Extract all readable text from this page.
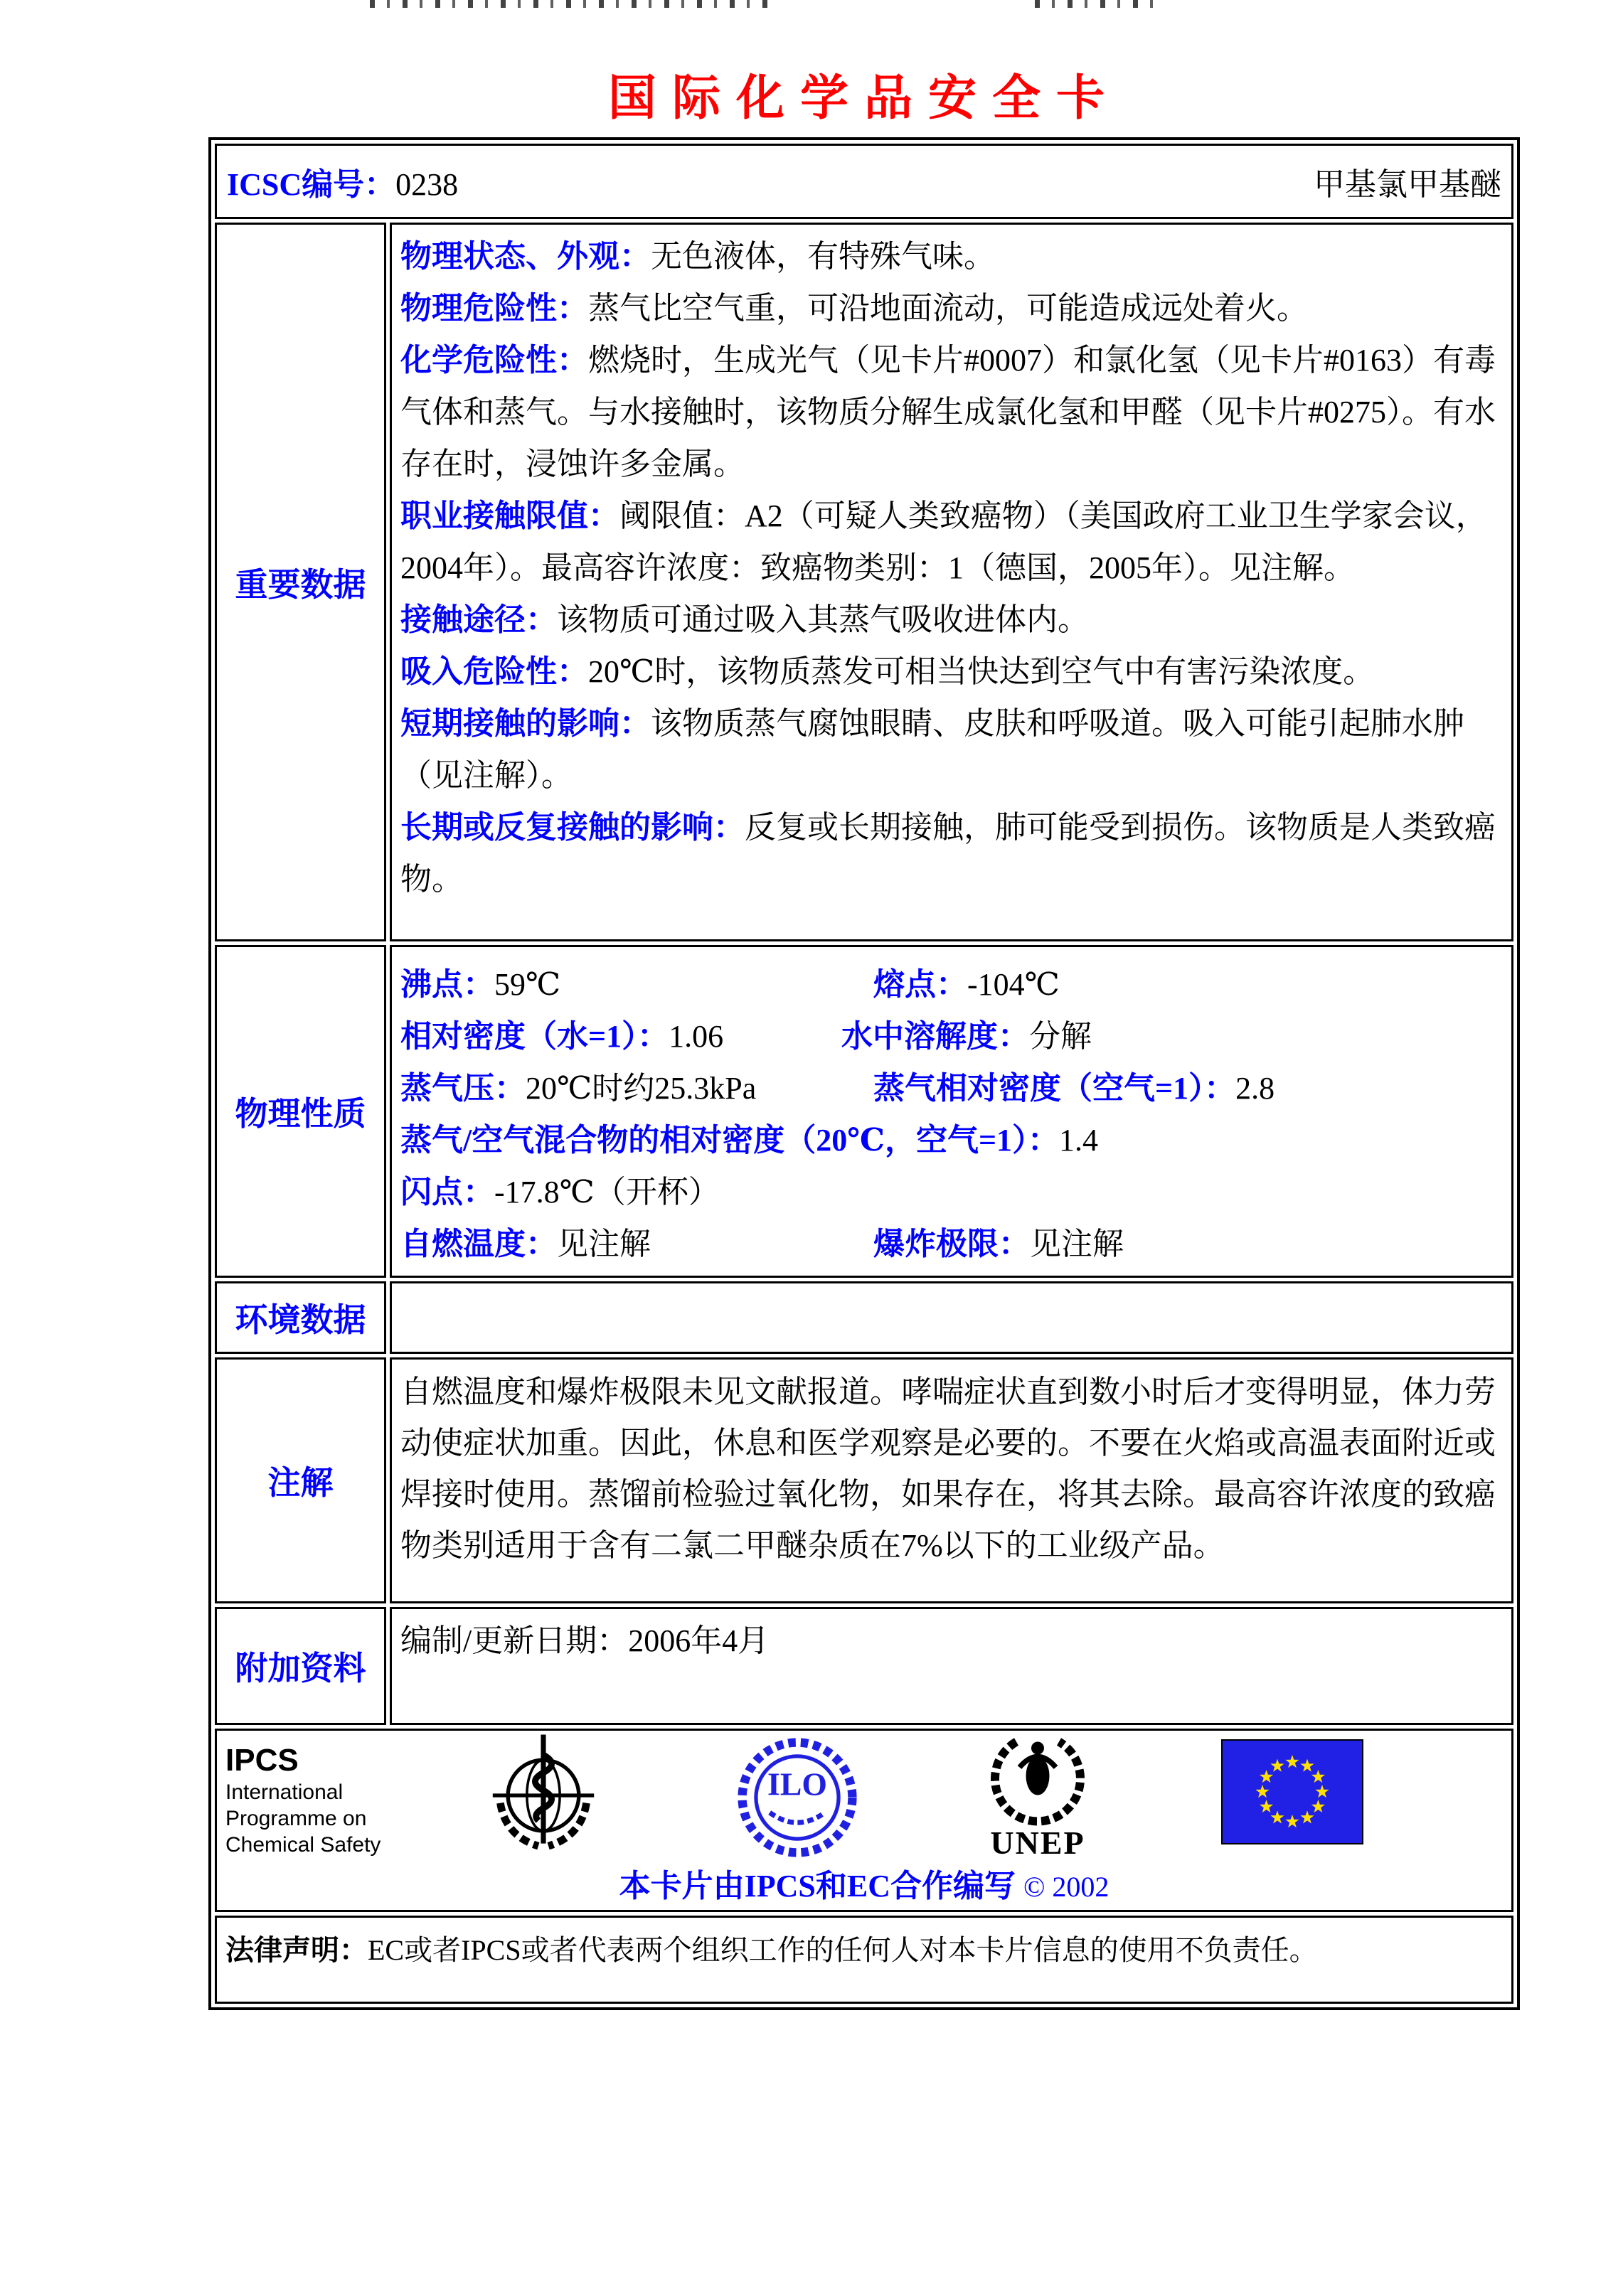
国际化学品安全卡
ICSC编号：0238 甲基氯甲基醚	

重要数据	

物理状态、外观：无色液体，有特殊气味。

物理危险性：蒸气比空气重，可沿地面流动，可能造成远处着火。

化学危险性：燃烧时，生成光气（见卡片#0007）和氯化氢（见卡片#0163）有毒气体和蒸气。与水接触时，该物质分解生成氯化氢和甲醛（见卡片#0275）。有水存在时，浸蚀许多金属。

职业接触限值：阈限值：A2（可疑人类致癌物）（美国政府工业卫生学家会议，2004年）。最高容许浓度：致癌物类别：1（德国，2005年）。见注解。

接触途径：该物质可通过吸入其蒸气吸收进体内。

吸入危险性：20℃时，该物质蒸发可相当快达到空气中有害污染浓度。

短期接触的影响：该物质蒸气腐蚀眼睛、皮肤和呼吸道。吸入可能引起肺水肿（见注解）。

长期或反复接触的影响：反复或长期接触，肺可能受到损伤。该物质是人类致癌物。

物理性质	
沸点：59℃	熔点：-104℃
相对密度（水=1）：1.06	水中溶解度：分解
蒸气压：20℃时约25.3kPa	蒸气相对密度（空气=1）：2.8
蒸气/空气混合物的相对密度（20℃，空气=1）：1.4
闪点：-17.8℃（开杯）
自燃温度：见注解	爆炸极限：见注解

环境数据	

注解	自燃温度和爆炸极限未见文献报道。哮喘症状直到数小时后才变得明显，体力劳动使症状加重。因此，休息和医学观察是必要的。不要在火焰或高温表面附近或焊接时使用。蒸馏前检验过氧化物，如果存在，将其去除。最高容许浓度的致癌物类别适用于含有二氯二甲醚杂质在7%以下的工业级产品。

附加资料	编制/更新日期：2006年4月

IPCS
International
Programme on
Chemical Safety
ILO
UNEP
本卡片由IPCS和EC合作编写 © 2002

法律声明：EC或者IPCS或者代表两个组织工作的任何人对本卡片信息的使用不负责任。	
